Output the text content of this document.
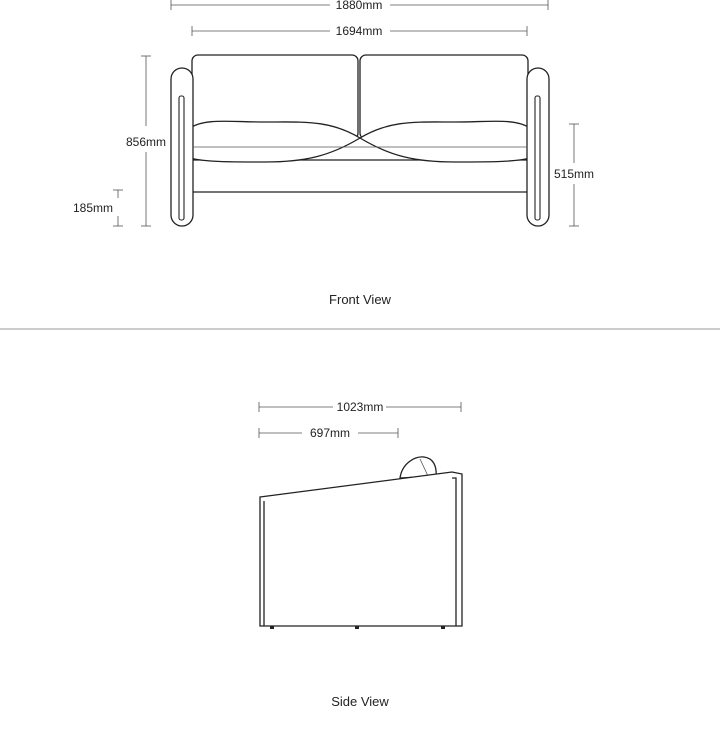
1880mm
1694mm
856mm
185mm
515mm
Front View
1023mm
697mm
Side View
